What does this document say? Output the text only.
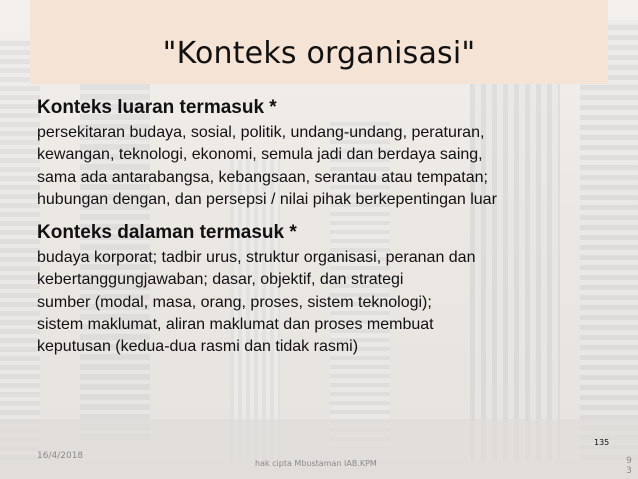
"Konteks organisasi"

Konteks luaran termasuk *

persekitaran budaya, sosial, politik, undang-undang, peraturan,
kewangan, teknologi, ekonomi, semula jadi dan berdaya saing,
sama ada antarabangsa, kebangsaan, serantau atau tempatan;
hubungan dengan, dan persepsi / nilai pihak berkepentingan luar

Konteks dalaman termasuk *

budaya korporat; tadbir urus, struktur organisasi, peranan dan
kebertanggungjawaban; dasar, objektif, dan strategi
sumber (modal, masa, orang, proses, sistem teknologi);
sistem maklumat, aliran maklumat dan proses membuat
keputusan (kedua-dua rasmi dan tidak rasmi)
135
16/4/2018
hak cipta Mbustaman IAB.KPM	9
3
